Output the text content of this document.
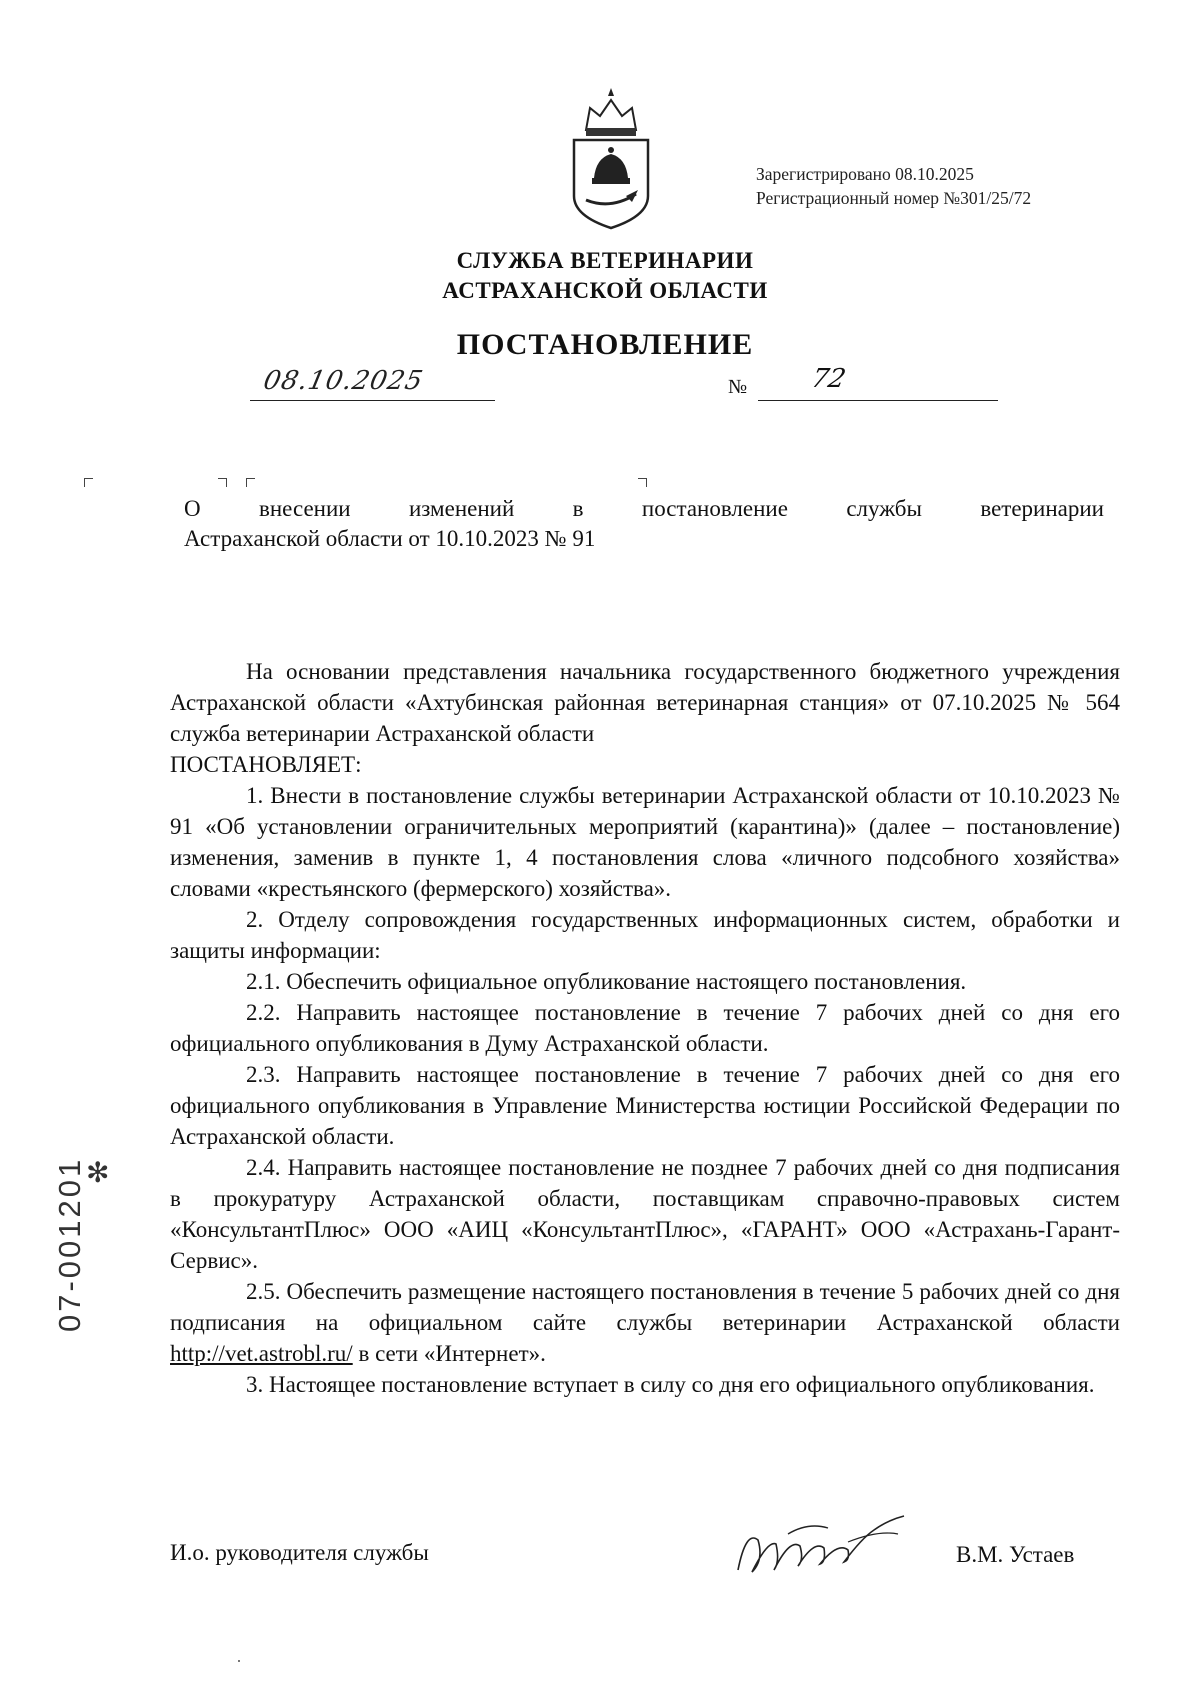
Зарегистрировано 08.10.2025
Регистрационный номер №301/25/72
СЛУЖБА ВЕТЕРИНАРИИ
АСТРАХАНСКОЙ ОБЛАСТИ
ПОСТАНОВЛЕНИЕ
08.10.2025	№ 72
О внесении изменений в постановление службы ветеринарии
Астраханской области от 10.10.2023 № 91

На основании представления начальника государственного бюджетного учреждения Астраханской области «Ахтубинская районная ветеринарная станция» от 07.10.2025 № 564 служба ветеринарии Астраханской области

ПОСТАНОВЛЯЕТ:

1. Внести в постановление службы ветеринарии Астраханской области от 10.10.2023 № 91 «Об установлении ограничительных мероприятий (карантина)» (далее – постановление) изменения, заменив в пункте 1, 4 постановления слова «личного подсобного хозяйства» словами «крестьянского (фермерского) хозяйства».

2. Отделу сопровождения государственных информационных систем, обработки и защиты информации:

2.1. Обеспечить официальное опубликование настоящего постановления.

2.2. Направить настоящее постановление в течение 7 рабочих дней со дня его официального опубликования в Думу Астраханской области.

2.3. Направить настоящее постановление в течение 7 рабочих дней со дня его официального опубликования в Управление Министерства юстиции Российской Федерации по Астраханской области.

2.4. Направить настоящее постановление не позднее 7 рабочих дней со дня подписания в прокуратуру Астраханской области, поставщикам справочно-правовых систем «КонсультантПлюс» ООО «АИЦ «КонсультантПлюс», «ГАРАНТ» ООО «Астрахань-Гарант-Сервис».

2.5. Обеспечить размещение настоящего постановления в течение 5 рабочих дней со дня подписания на официальном сайте службы ветеринарии Астраханской области http://vet.astrobl.ru/ в сети «Интернет».

3. Настоящее постановление вступает в силу со дня его официального опубликования.

✻
07-001201
И.о. руководителя службы	В.М. Устаев
